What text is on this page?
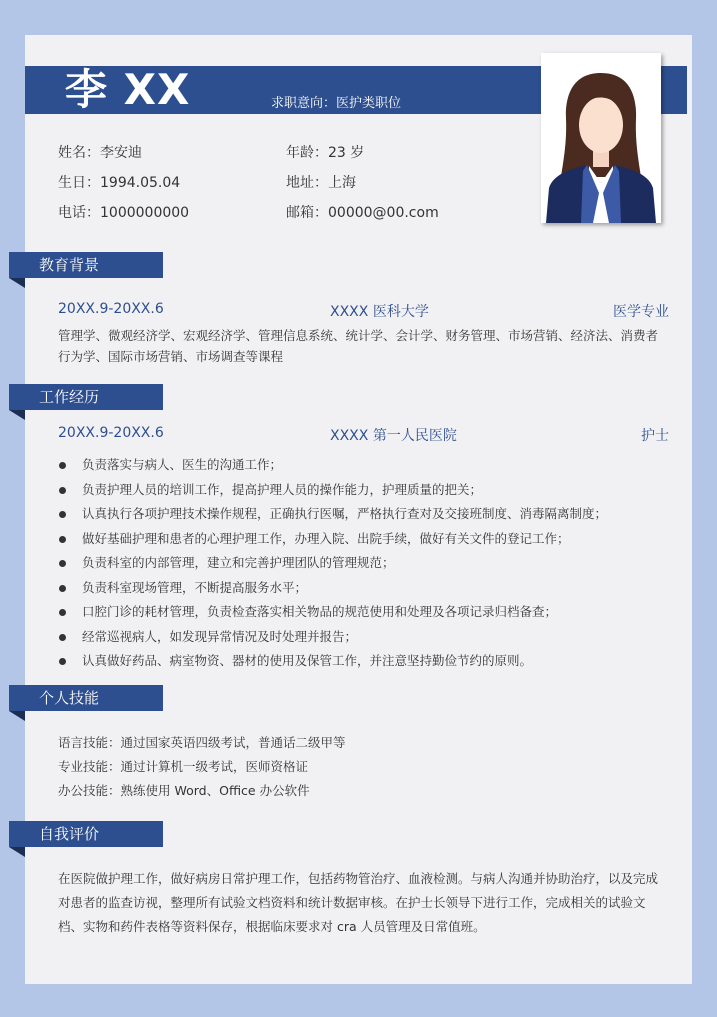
李 XX	求职意向：医护类职位
姓名：李安迪	年龄：23 岁
生日：1994.05.04	地址：上海
电话：1000000000	邮箱：00000@00.com
教育背景
20XX.9-20XX.6	XXXX 医科大学	医学专业
管理学、微观经济学、宏观经济学、管理信息系统、统计学、会计学、财务管理、市场营销、经济法、消费者行为学、国际市场营销、市场调查等课程
工作经历
20XX.9-20XX.6	XXXX 第一人民医院	护士
负责落实与病人、医生的沟通工作；
负责护理人员的培训工作，提高护理人员的操作能力，护理质量的把关；
认真执行各项护理技术操作规程，正确执行医嘱，严格执行查对及交接班制度、消毒隔离制度；
做好基础护理和患者的心理护理工作，办理入院、出院手续，做好有关文件的登记工作；
负责科室的内部管理，建立和完善护理团队的管理规范；
负责科室现场管理，不断提高服务水平；
口腔门诊的耗材管理，负责检查落实相关物品的规范使用和处理及各项记录归档备查；
经常巡视病人，如发现异常情况及时处理并报告；
认真做好药品、病室物资、器材的使用及保管工作，并注意坚持勤俭节约的原则。
个人技能
语言技能：通过国家英语四级考试，普通话二级甲等
专业技能：通过计算机一级考试，医师资格证
办公技能：熟练使用 Word、Office 办公软件
自我评价
在医院做护理工作，做好病房日常护理工作，包括药物管治疗、血液检测。与病人沟通并协助治疗，以及完成对患者的监查访视，整理所有试验文档资料和统计数据审核。在护士长领导下进行工作，完成相关的试验文档、实物和药件表格等资料保存，根据临床要求对 cra 人员管理及日常值班。
